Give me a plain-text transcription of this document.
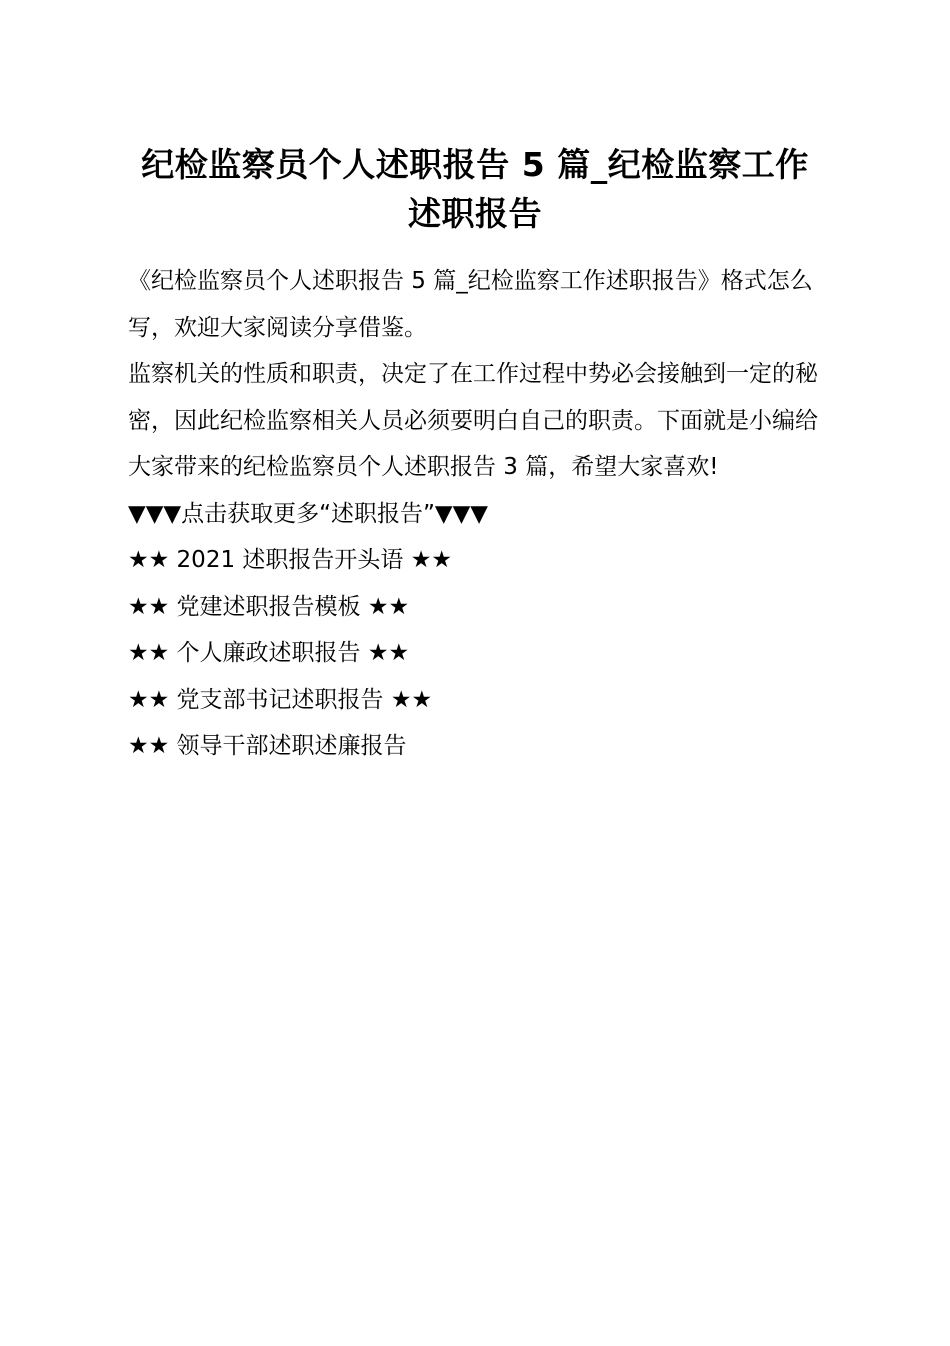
纪检监察员个人述职报告 5 篇_纪检监察工作述职报告

《纪检监察员个人述职报告 5 篇_纪检监察工作述职报告》格式怎么写，欢迎大家阅读分享借鉴。

监察机关的性质和职责，决定了在工作过程中势必会接触到一定的秘密，因此纪检监察相关人员必须要明白自己的职责。下面就是小编给大家带来的纪检监察员个人述职报告 3 篇，希望大家喜欢!

▼▼▼点击获取更多“述职报告”▼▼▼

★★ 2021 述职报告开头语 ★★

★★ 党建述职报告模板 ★★

★★ 个人廉政述职报告 ★★

★★ 党支部书记述职报告 ★★

★★ 领导干部述职述廉报告
